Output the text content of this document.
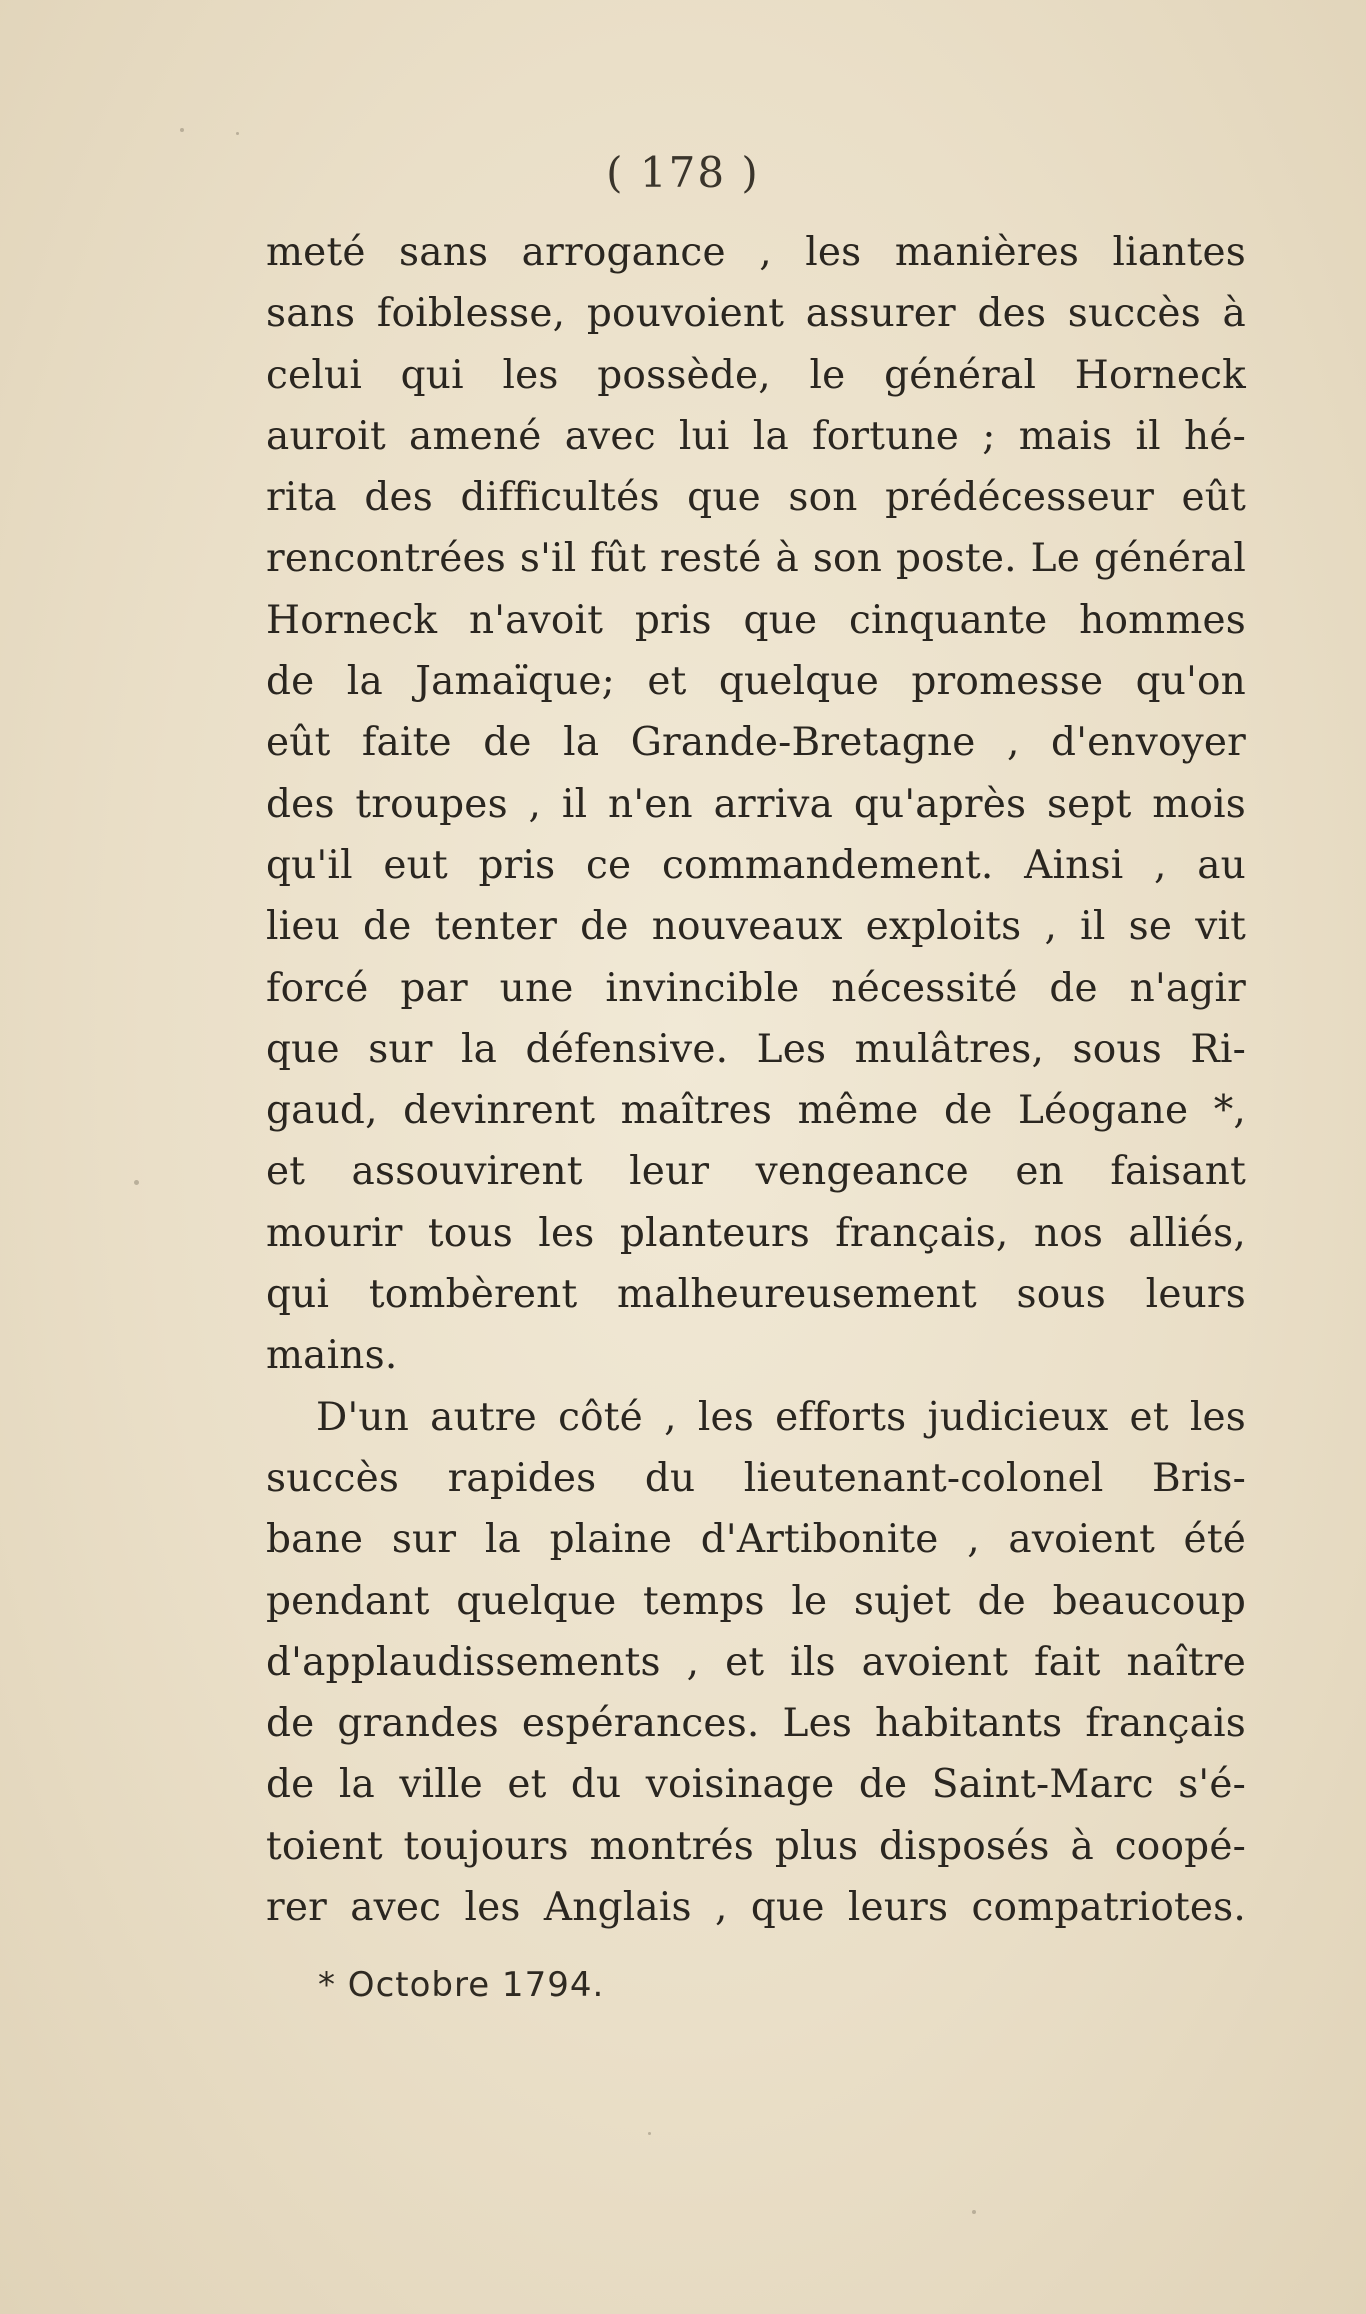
( 178 )
meté sans arrogance , les manières liantes
sans foiblesse, pouvoient assurer des succès à
celui qui les possède, le général Horneck
auroit amené avec lui la fortune ; mais il hé-
rita des difficultés que son prédécesseur eût
rencontrées s'il fût resté à son poste. Le général
Horneck n'avoit pris que cinquante hommes
de la Jamaïque; et quelque promesse qu'on
eût faite de la Grande-Bretagne , d'envoyer
des troupes , il n'en arriva qu'après sept mois
qu'il eut pris ce commandement. Ainsi , au
lieu de tenter de nouveaux exploits , il se vit
forcé par une invincible nécessité de n'agir
que sur la défensive. Les mulâtres, sous Ri-
gaud, devinrent maîtres même de Léogane *,
et assouvirent leur vengeance en faisant
mourir tous les planteurs français, nos alliés,
qui tombèrent malheureusement sous leurs
mains.
D'un autre côté , les efforts judicieux et les
succès rapides du lieutenant-colonel Bris-
bane sur la plaine d'Artibonite , avoient été
pendant quelque temps le sujet de beaucoup
d'applaudissements , et ils avoient fait naître
de grandes espérances. Les habitants français
de la ville et du voisinage de Saint-Marc s'é-
toient toujours montrés plus disposés à coopé-
rer avec les Anglais , que leurs compatriotes.
* Octobre 1794.
